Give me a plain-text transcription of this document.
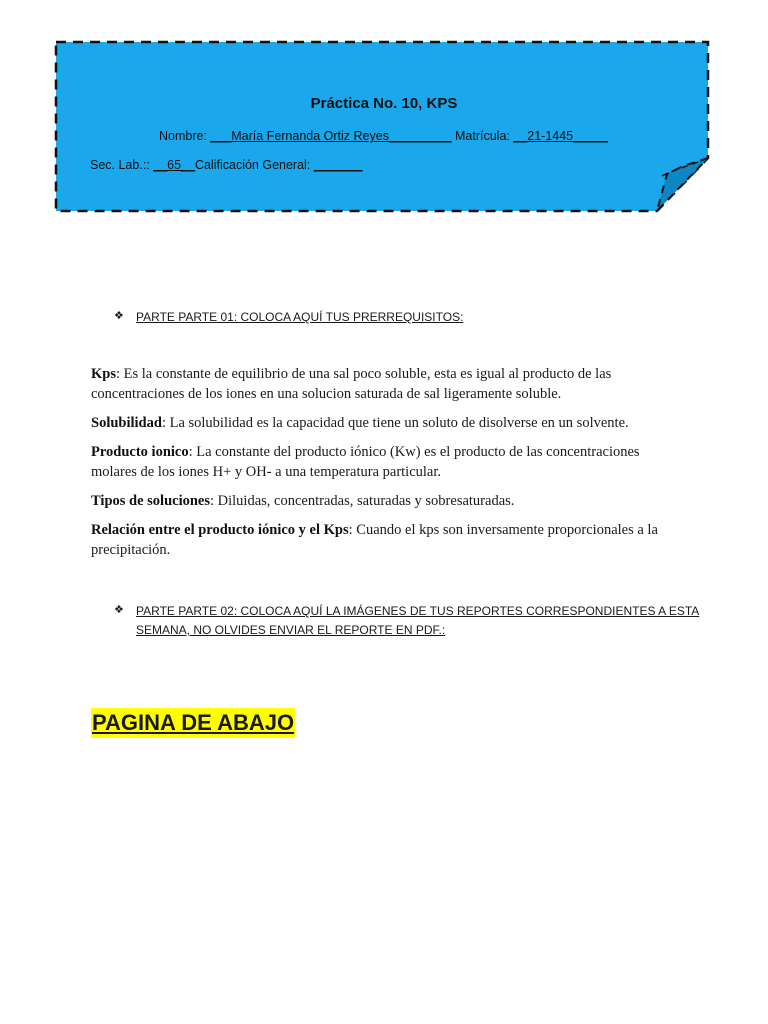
Práctica No. 10, KPS
Nombre: ___María Fernanda Ortiz Reyes_________ Matrícula: __21-1445_____
Sec. Lab.:: __65__Calificación General: _______
❖ PARTE PARTE 01: COLOCA AQUÍ TUS PRERREQUISITOS:

Kps: Es la constante de equilibrio de una sal poco soluble, esta es igual al producto de las concentraciones de los iones en una solucion saturada de sal ligeramente soluble.

Solubilidad: La solubilidad es la capacidad que tiene un soluto de disolverse en un solvente.

Producto ionico: La constante del producto iónico (Kw) es el producto de las concentraciones molares de los iones H+ y OH- a una temperatura particular.

Tipos de soluciones: Diluidas, concentradas, saturadas y sobresaturadas.

Relación entre el producto iónico y el Kps: Cuando el kps son inversamente proporcionales a la precipitación.

❖ PARTE PARTE 02: COLOCA AQUÍ LA IMÁGENES DE TUS REPORTES CORRESPONDIENTES A ESTA
SEMANA, NO OLVIDES ENVIAR EL REPORTE EN PDF.:
PAGINA DE ABAJO
